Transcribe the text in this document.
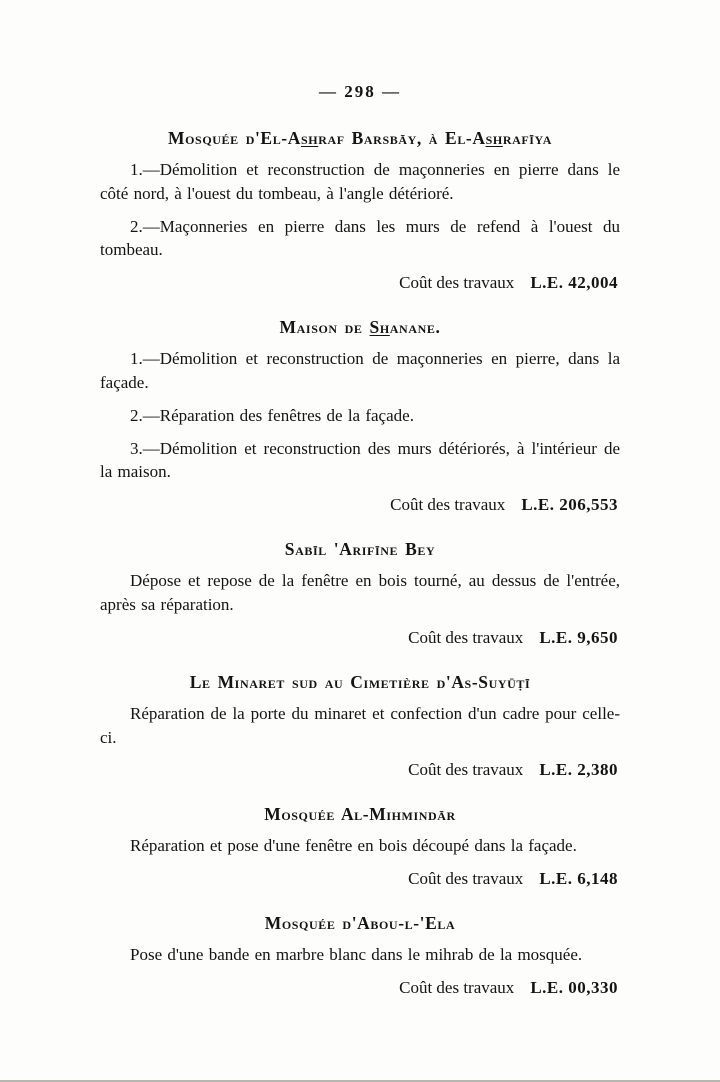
— 298 —
Mosquée d'El-Ashraf Barsbāy, à El-Ashrafīya

1.—Démolition et reconstruction de maçonneries en pierre dans le côté nord, à l'ouest du tombeau, à l'angle détérioré.

2.—Maçonneries en pierre dans les murs de refend à l'ouest du tombeau.

Coût des travaux L.E. 42,004
Maison de Shanane.

1.—Démolition et reconstruction de maçonneries en pierre, dans la façade.

2.—Réparation des fenêtres de la façade.

3.—Démolition et reconstruction des murs détériorés, à l'intérieur de la maison.

Coût des travaux L.E. 206,553
Sabīl 'Arifīne Bey

Dépose et repose de la fenêtre en bois tourné, au dessus de l'entrée, après sa réparation.

Coût des travaux L.E. 9,650
Le Minaret sud au Cimetière d'As-Suyūṭī

Réparation de la porte du minaret et confection d'un cadre pour celle-ci.

Coût des travaux L.E. 2,380
Mosquée Al-Mihmindār

Réparation et pose d'une fenêtre en bois découpé dans la façade.

Coût des travaux L.E. 6,148
Mosquée d'Abou-l-'Ela

Pose d'une bande en marbre blanc dans le mihrab de la mosquée.

Coût des travaux L.E. 00,330
